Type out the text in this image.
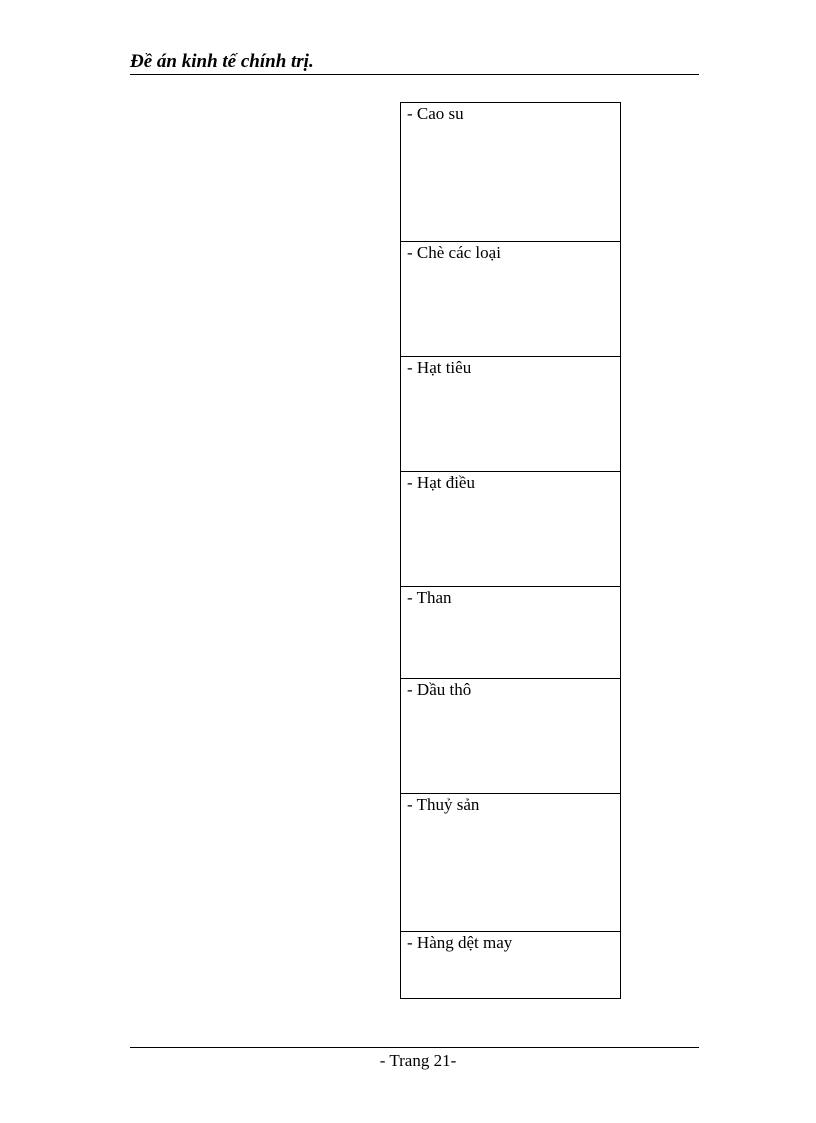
Đề án kinh tế chính trị.
- Cao su
- Chè các loại
- Hạt tiêu
- Hạt điều
- Than
- Dầu thô
- Thuỷ sản
- Hàng dệt may
- Trang 21-
